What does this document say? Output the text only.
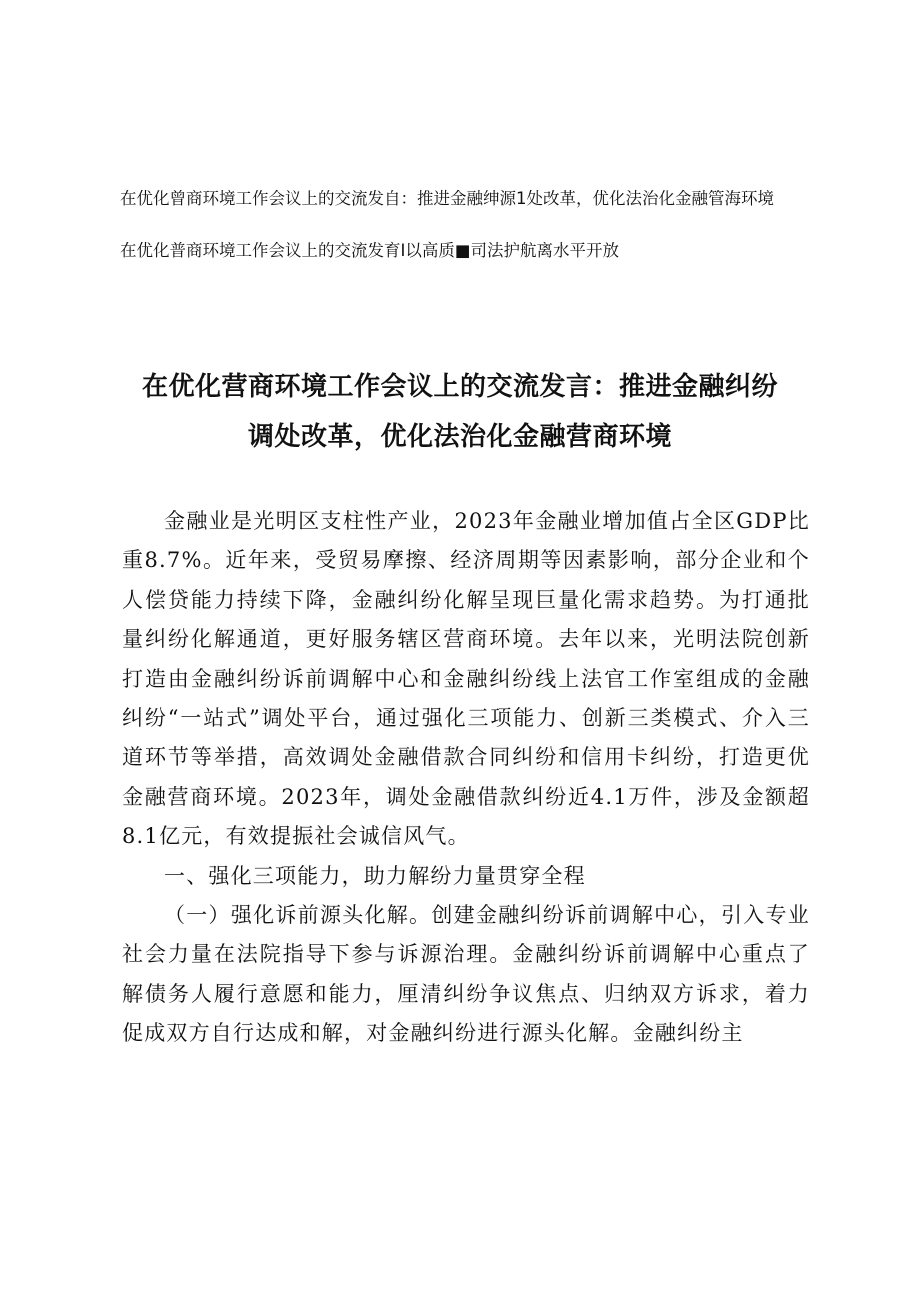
在优化曾商环境工作会议上的交流发自：推进金融绅源1处改革，优化法治化金融管海环境
在优化普商环境工作会议上的交流发育I以高质■司法护航离水平开放
在优化营商环境工作会议上的交流发言：推进金融纠纷
调处改革，优化法治化金融营商环境

金融业是光明区支柱性产业，2023年金融业增加值占全区GDP比重8.7%。近年来，受贸易摩擦、经济周期等因素影响，部分企业和个人偿贷能力持续下降，金融纠纷化解呈现巨量化需求趋势。为打通批量纠纷化解通道，更好服务辖区营商环境。去年以来，光明法院创新打造由金融纠纷诉前调解中心和金融纠纷线上法官工作室组成的金融纠纷“一站式”调处平台，通过强化三项能力、创新三类模式、介入三道环节等举措，高效调处金融借款合同纠纷和信用卡纠纷，打造更优金融营商环境。2023年，调处金融借款纠纷近4.1万件，涉及金额超8.1亿元，有效提振社会诚信风气。

一、强化三项能力，助力解纷力量贯穿全程

（一）强化诉前源头化解。创建金融纠纷诉前调解中心，引入专业社会力量在法院指导下参与诉源治理。金融纠纷诉前调解中心重点了解债务人履行意愿和能力，厘清纠纷争议焦点、归纳双方诉求，着力促成双方自行达成和解，对金融纠纷进行源头化解。金融纠纷主
